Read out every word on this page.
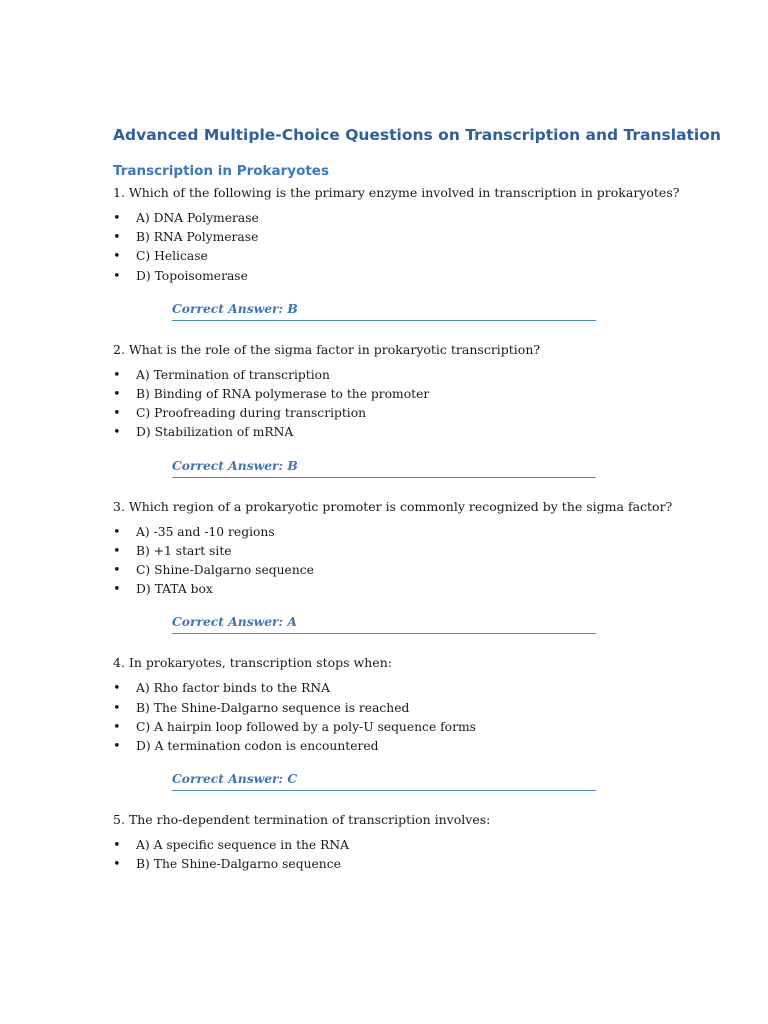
Advanced Multiple-Choice Questions on Transcription and Translation
Transcription in Prokaryotes

1. Which of the following is the primary enzyme involved in transcription in prokaryotes?

• A) DNA Polymerase
• B) RNA Polymerase
• C) Helicase
• D) Topoisomerase
Correct Answer: B

2. What is the role of the sigma factor in prokaryotic transcription?

• A) Termination of transcription
• B) Binding of RNA polymerase to the promoter
• C) Proofreading during transcription
• D) Stabilization of mRNA
Correct Answer: B

3. Which region of a prokaryotic promoter is commonly recognized by the sigma factor?

• A) -35 and -10 regions
• B) +1 start site
• C) Shine-Dalgarno sequence
• D) TATA box
Correct Answer: A

4. In prokaryotes, transcription stops when:

• A) Rho factor binds to the RNA
• B) The Shine-Dalgarno sequence is reached
• C) A hairpin loop followed by a poly-U sequence forms
• D) A termination codon is encountered
Correct Answer: C

5. The rho-dependent termination of transcription involves:

• A) A specific sequence in the RNA
• B) The Shine-Dalgarno sequence
